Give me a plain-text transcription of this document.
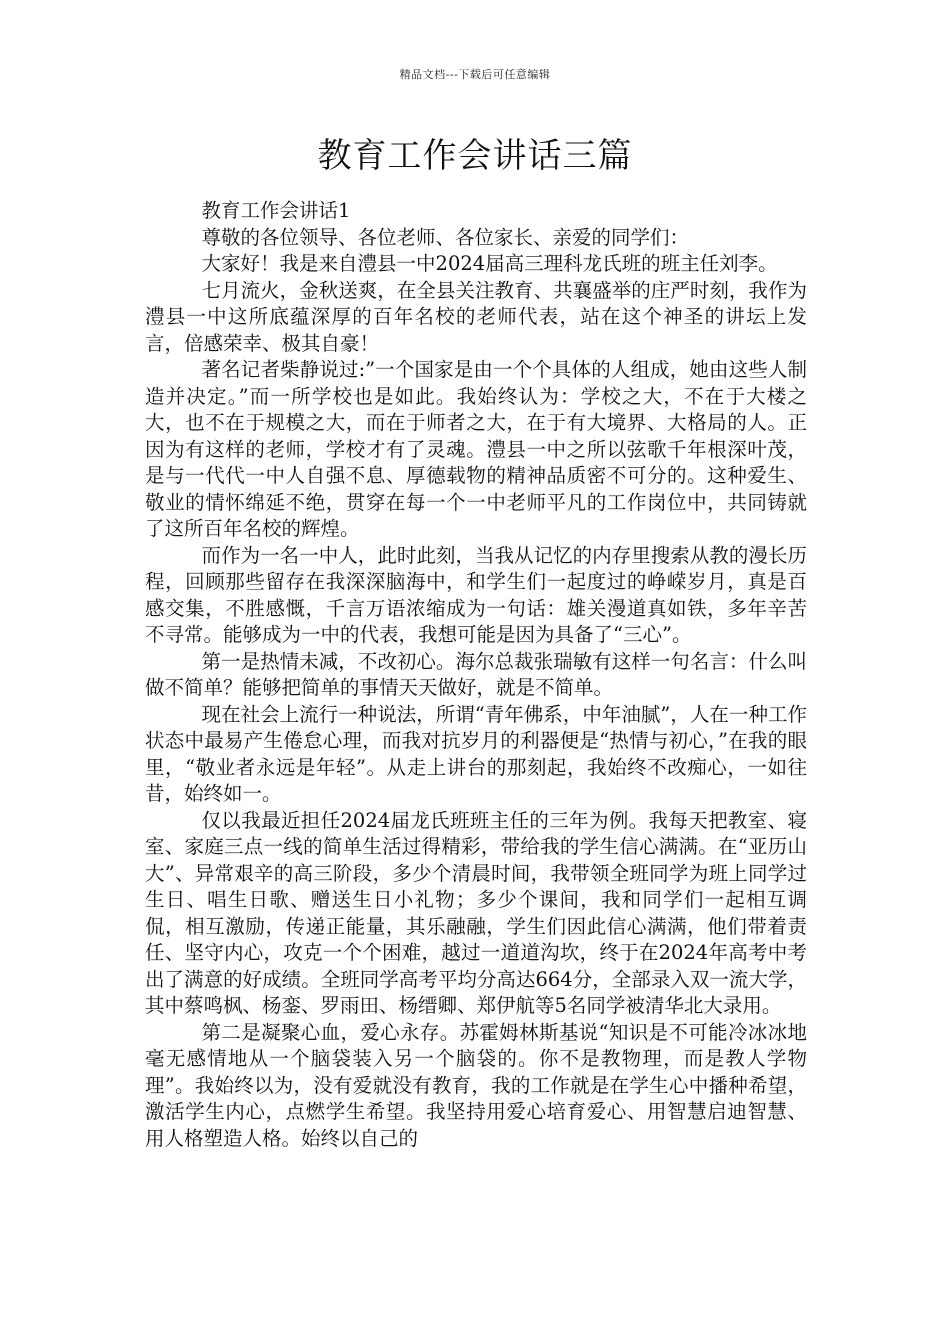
精品文档---下载后可任意编辑
教育工作会讲话三篇

教育工作会讲话1

尊敬的各位领导、各位老师、各位家长、亲爱的同学们：

大家好！我是来自澧县一中2024届高三理科龙氏班的班主任刘李。

七月流火，金秋送爽，在全县关注教育、共襄盛举的庄严时刻，我作为澧县一中这所底蕴深厚的百年名校的老师代表，站在这个神圣的讲坛上发言，倍感荣幸、极其自豪！

著名记者柴静说过:”一个国家是由一个个具体的人组成，她由这些人制造并决定。”而一所学校也是如此。我始终认为：学校之大，不在于大楼之大，也不在于规模之大，而在于师者之大，在于有大境界、大格局的人。正因为有这样的老师，学校才有了灵魂。澧县一中之所以弦歌千年根深叶茂，是与一代代一中人自强不息、厚德载物的精神品质密不可分的。这种爱生、敬业的情怀绵延不绝，贯穿在每一个一中老师平凡的工作岗位中，共同铸就了这所百年名校的辉煌。

而作为一名一中人，此时此刻，当我从记忆的内存里搜索从教的漫长历程，回顾那些留存在我深深脑海中，和学生们一起度过的峥嵘岁月，真是百感交集，不胜感慨，千言万语浓缩成为一句话：雄关漫道真如铁，多年辛苦不寻常。能够成为一中的代表，我想可能是因为具备了“三心”。

第一是热情未减，不改初心。海尔总裁张瑞敏有这样一句名言：什么叫做不简单？能够把简单的事情天天做好，就是不简单。

现在社会上流行一种说法，所谓“青年佛系，中年油腻”，人在一种工作状态中最易产生倦怠心理，而我对抗岁月的利器便是“热情与初心，”在我的眼里，“敬业者永远是年轻”。从走上讲台的那刻起，我始终不改痴心，一如往昔，始终如一。

仅以我最近担任2024届龙氏班班主任的三年为例。我每天把教室、寝室、家庭三点一线的简单生活过得精彩，带给我的学生信心满满。在“亚历山大”、异常艰辛的高三阶段，多少个清晨时间，我带领全班同学为班上同学过生日、唱生日歌、赠送生日小礼物；多少个课间，我和同学们一起相互调侃，相互激励，传递正能量，其乐融融，学生们因此信心满满，他们带着责任、坚守内心，攻克一个个困难，越过一道道沟坎，终于在2024年高考中考出了满意的好成绩。全班同学高考平均分高达664分，全部录入双一流大学，其中蔡鸣枫、杨銮、罗雨田、杨缙卿、郑伊航等5名同学被清华北大录用。

第二是凝聚心血，爱心永存。苏霍姆林斯基说“知识是不可能冷冰冰地毫无感情地从一个脑袋装入另一个脑袋的。你不是教物理，而是教人学物理”。我始终以为，没有爱就没有教育，我的工作就是在学生心中播种希望，激活学生内心，点燃学生希望。我坚持用爱心培育爱心、用智慧启迪智慧、用人格塑造人格。始终以自己的
